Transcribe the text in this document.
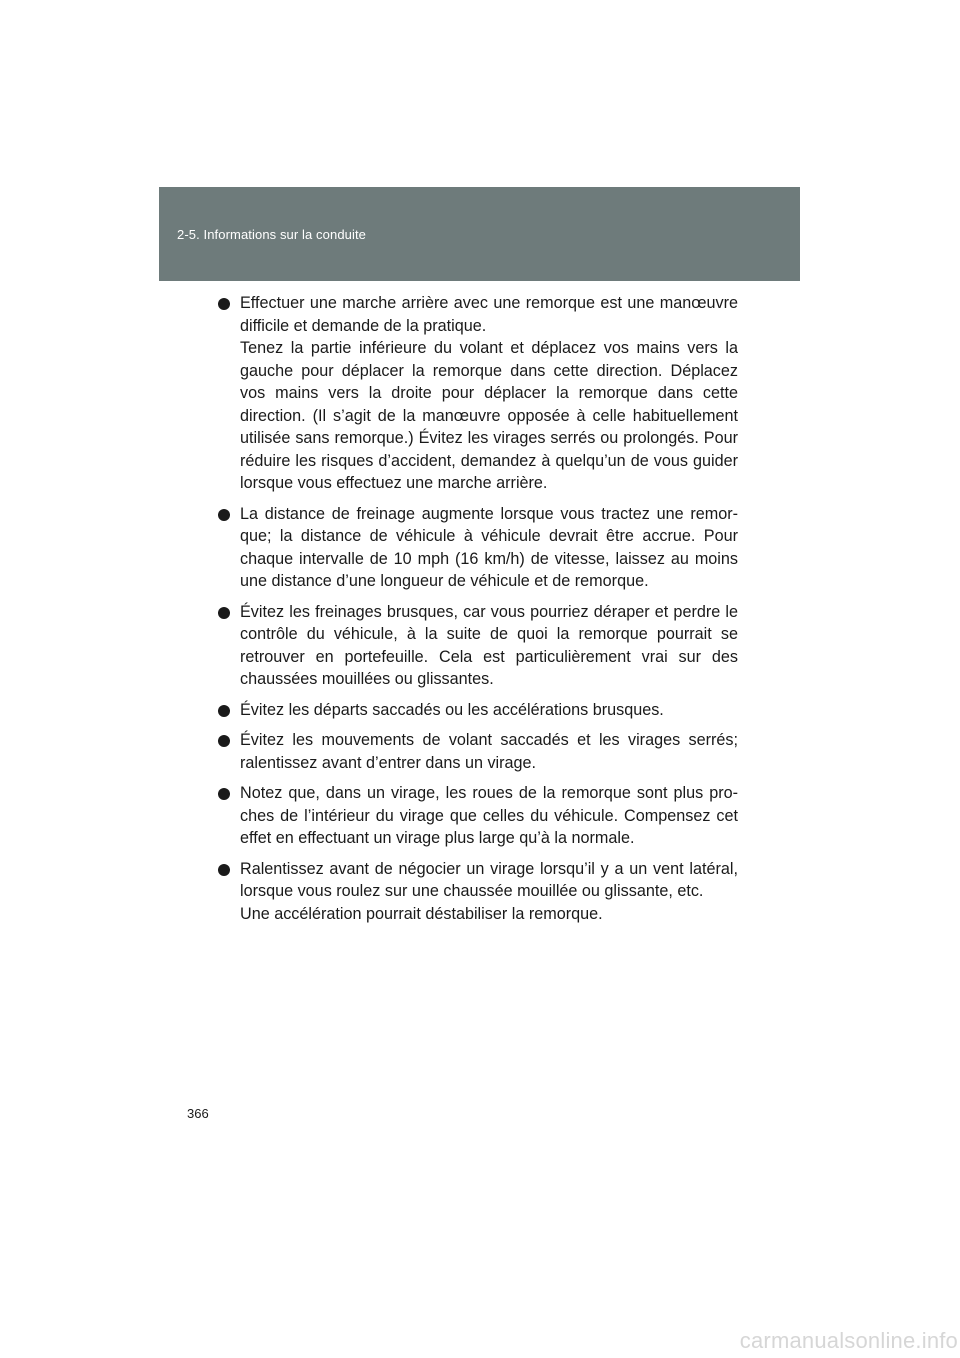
2-5. Informations sur la conduite

Effectuer une marche arrière avec une remorque est une manœuvre difficile et demande de la pratique.

Tenez la partie inférieure du volant et déplacez vos mains vers la gauche pour déplacer la remorque dans cette direction. Déplacez vos mains vers la droite pour déplacer la remorque dans cette direction. (Il s’agit de la manœuvre opposée à celle habituellement utilisée sans remorque.) Évitez les virages serrés ou prolongés. Pour réduire les risques d’accident, demandez à quelqu’un de vous guider lorsque vous effectuez une marche arrière.

La distance de freinage augmente lorsque vous tractez une remorque; la distance de véhicule à véhicule devrait être accrue. Pour chaque intervalle de 10 mph (16 km/h) de vitesse, laissez au moins une distance d’une longueur de véhicule et de remorque.

Évitez les freinages brusques, car vous pourriez déraper et perdre le contrôle du véhicule, à la suite de quoi la remorque pourrait se retrouver en portefeuille. Cela est particulièrement vrai sur des chaussées mouillées ou glissantes.

Évitez les départs saccadés ou les accélérations brusques.

Évitez les mouvements de volant saccadés et les virages serrés; ralentissez avant d’entrer dans un virage.

Notez que, dans un virage, les roues de la remorque sont plus proches de l’intérieur du virage que celles du véhicule. Compensez cet effet en effectuant un virage plus large qu’à la normale.

Ralentissez avant de négocier un virage lorsqu’il y a un vent latéral, lorsque vous roulez sur une chaussée mouillée ou glissante, etc.

Une accélération pourrait déstabiliser la remorque.

366
carmanualsonline.info
